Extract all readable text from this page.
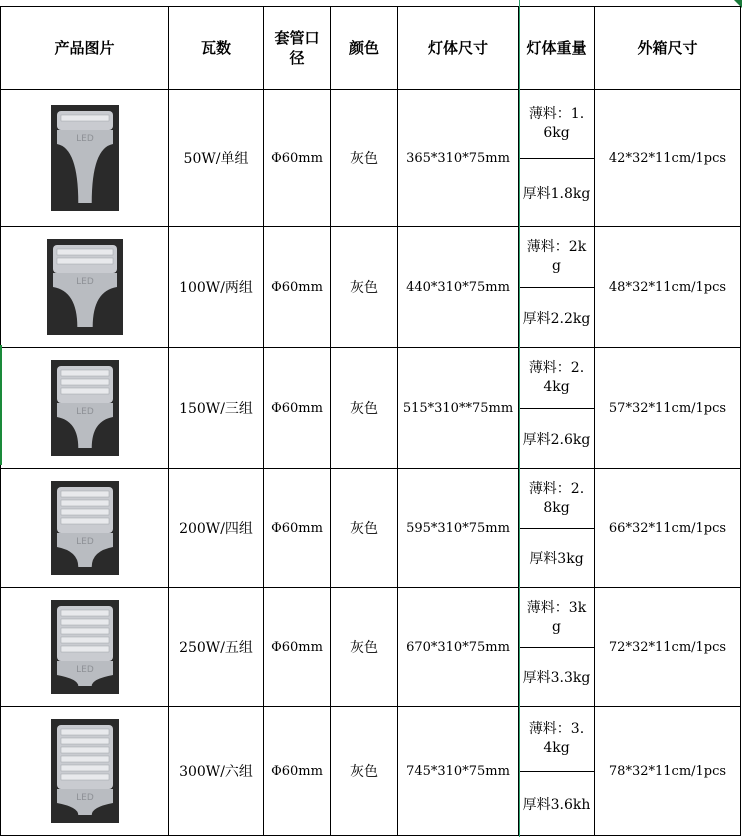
产品图片	瓦数	套管口径	颜色	灯体尺寸	灯体重量	外箱尺寸

LED	50W/单组	Φ60mm	灰色	365*310*75mm	薄料：1.6kg	42*32*11cm/1pcs
					厚料1.8kg	

LED	100W/两组	Φ60mm	灰色	440*310*75mm	薄料：2kg	48*32*11cm/1pcs
					厚料2.2kg	

LED	150W/三组	Φ60mm	灰色	515*310**75mm	薄料：2.4kg	57*32*11cm/1pcs
					厚料2.6kg	

LED	200W/四组	Φ60mm	灰色	595*310*75mm	薄料：2.8kg	66*32*11cm/1pcs
					厚料3kg	

LED	250W/五组	Φ60mm	灰色	670*310*75mm	薄料：3kg	72*32*11cm/1pcs
					厚料3.3kg	

LED	300W/六组	Φ60mm	灰色	745*310*75mm	薄料：3.4kg	78*32*11cm/1pcs
					厚料3.6kh	
